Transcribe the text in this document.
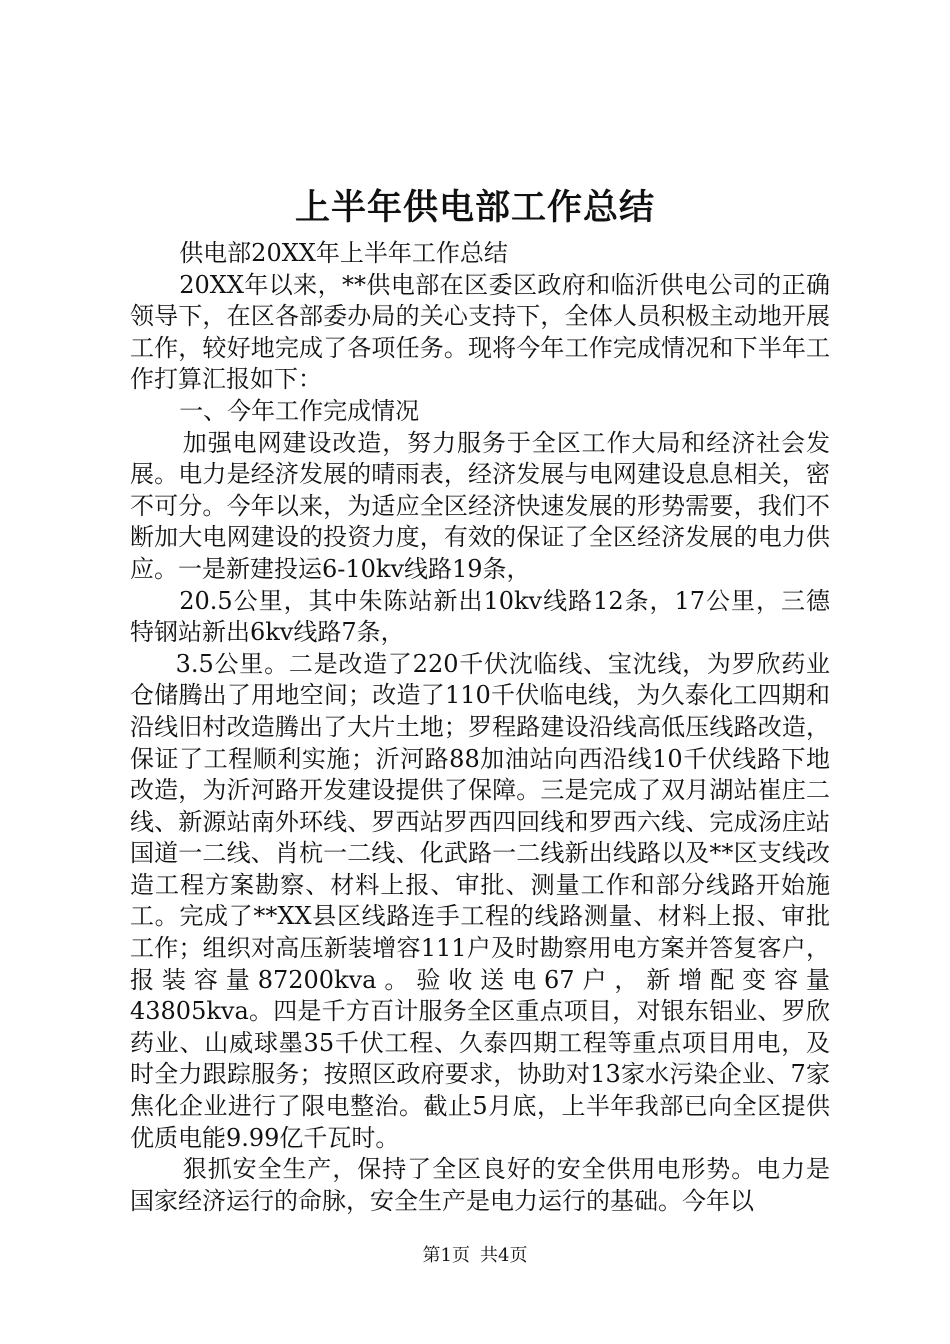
上半年供电部工作总结

供电部20XX年上半年工作总结

20XX年以来，**供电部在区委区政府和临沂供电公司的正确领导下，在区各部委办局的关心支持下，全体人员积极主动地开展工作，较好地完成了各项任务。现将今年工作完成情况和下半年工作打算汇报如下：

一、今年工作完成情况

加强电网建设改造，努力服务于全区工作大局和经济社会发展。电力是经济发展的晴雨表，经济发展与电网建设息息相关，密不可分。今年以来，为适应全区经济快速发展的形势需要，我们不断加大电网建设的投资力度，有效的保证了全区经济发展的电力供应。一是新建投运6-10kv线路19条，

20.5公里，其中朱陈站新出10kv线路12条，17公里，三德特钢站新出6kv线路7条，

3.5公里。二是改造了220千伏沈临线、宝沈线，为罗欣药业仓储腾出了用地空间；改造了110千伏临电线，为久泰化工四期和沿线旧村改造腾出了大片土地；罗程路建设沿线高低压线路改造，保证了工程顺利实施；沂河路88加油站向西沿线10千伏线路下地改造，为沂河路开发建设提供了保障。三是完成了双月湖站崔庄二线、新源站南外环线、罗西站罗西四回线和罗西六线、完成汤庄站国道一二线、肖杭一二线、化武路一二线新出线路以及**区支线改造工程方案勘察、材料上报、审批、测量工作和部分线路开始施工。完成了**XX县区线路连手工程的线路测量、材料上报、审批工作；组织对高压新装增容111户及时勘察用电方案并答复客户，报装容量87200kva。验收送电67户，新增配变容量43805kva。四是千方百计服务全区重点项目，对银东铝业、罗欣药业、山威球墨35千伏工程、久泰四期工程等重点项目用电，及时全力跟踪服务；按照区政府要求，协助对13家水污染企业、7家焦化企业进行了限电整治。截止5月底，上半年我部已向全区提供优质电能9.99亿千瓦时。

狠抓安全生产，保持了全区良好的安全供用电形势。电力是国家经济运行的命脉，安全生产是电力运行的基础。今年以

第1页 共4页
